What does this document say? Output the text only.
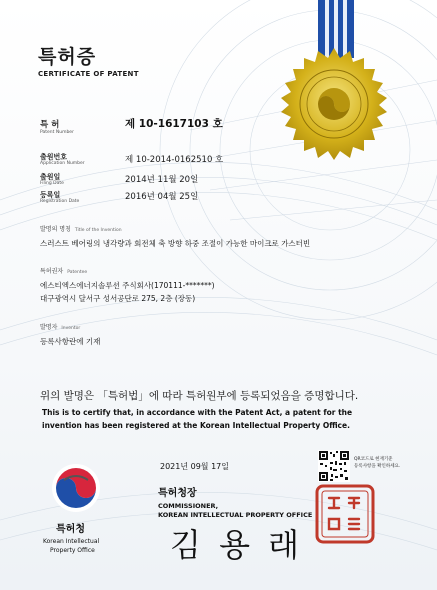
특허증
CERTIFICATE OF PATENT
특 허
Patent Number
제 10-1617103 호
출원번호
Application Number	제 10-2014-0162510 호
출원일
Filing Date	2014년 11월 20일
등록일
Registration Date	2016년 04월 25일
발명의 명칭 Title of the Invention
스러스트 베어링의 냉각량과 회전체 축 방향 하중 조절이 가능한 마이크로 가스터빈
특허권자 Patentee
에스티엑스에너지솔루션 주식회사(170111-*******)
대구광역시 달서구 성서공단로 275, 2층 (장동)
발명자 Inventor
등록사항란에 기재
위의 발명은 「특허법」에 따라 특허원부에 등록되었음을 증명합니다.
This is to certify that, in accordance with the Patent Act, a patent for the
invention has been registered at the Korean Intellectual Property Office.
특허청
Korean Intellectual
Property Office
2021년 09월 17일
특허청장
COMMISSIONER,
KOREAN INTELLECTUAL PROPERTY OFFICE
김 용 래
QR코드로 현재기준
등록사항을 확인하세요.
